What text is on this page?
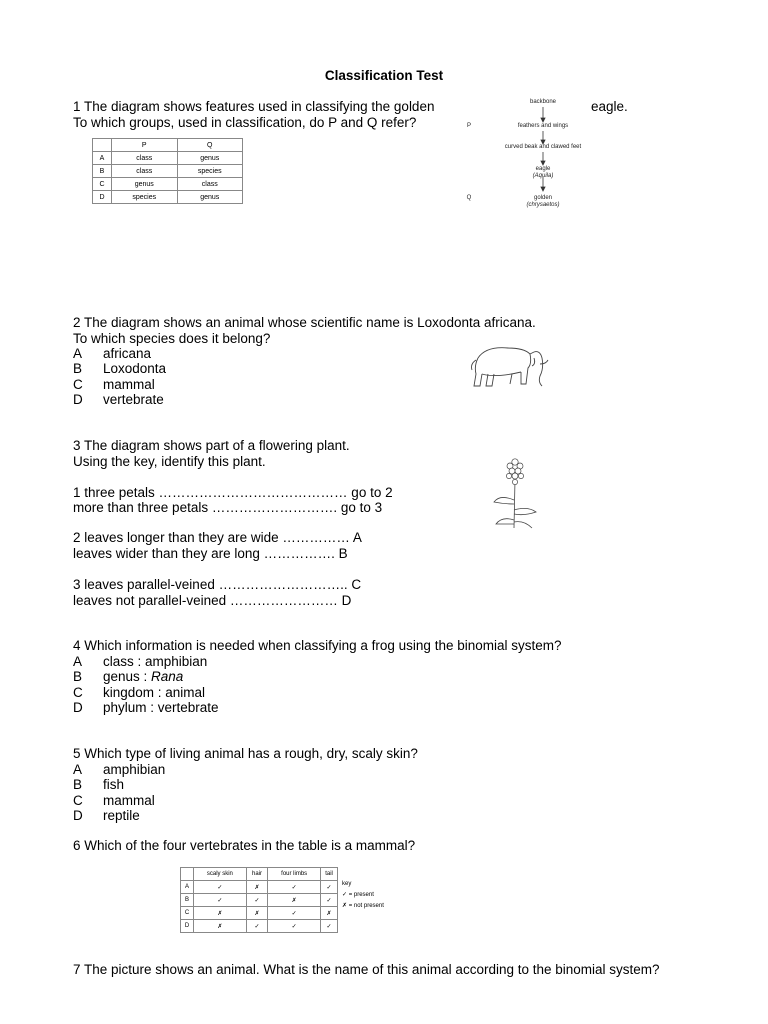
Classification Test
1 The diagram shows features used in classifying the golden	eagle.
To which groups, used in classification, do P and Q refer?
	P	Q
A	class	genus
B	class	species
C	genus	class
D	species	genus
backbone
feathers and wings
curved beak and clawed feet
eagle
(Aquila)
golden
(chrysaetos)
P
Q
2 The diagram shows an animal whose scientific name is Loxodonta africana.
To which species does it belong?
A africana
B Loxodonta
C mammal
D vertebrate
3 The diagram shows part of a flowering plant.
Using the key, identify this plant.
1 three petals …………………………………… go to 2
more than three petals ………………………. go to 3
2 leaves longer than they are wide …………… A
leaves wider than they are long ……………. B
3 leaves parallel-veined ……………………….. C
leaves not parallel-veined …………………… D
4 Which information is needed when classifying a frog using the binomial system?
A class : amphibian
B genus : Rana
C kingdom : animal
D phylum : vertebrate
5 Which type of living animal has a rough, dry, scaly skin?
A amphibian
B fish
C mammal
D reptile
6 Which of the four vertebrates in the table is a mammal?
	scaly skin	hair	four limbs	tail
A	✓	✗	✓	✓
B	✓	✓	✗	✓
C	✗	✗	✓	✗
D	✗	✓	✓	✓
key
✓ = present
✗ = not present
7 The picture shows an animal. What is the name of this animal according to the binomial system?
